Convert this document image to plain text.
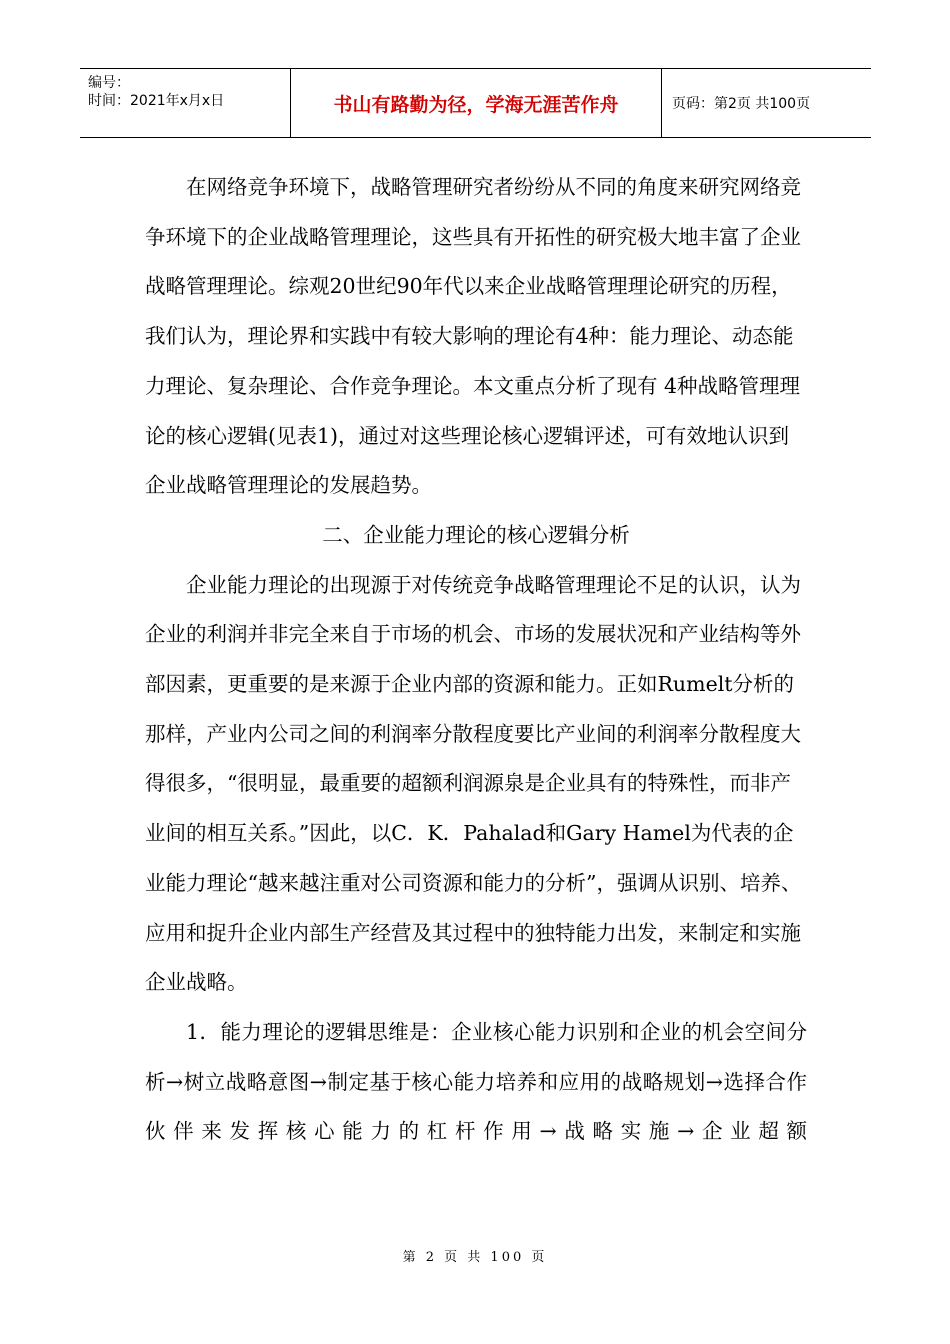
编号：
时间：2021年x月x日	书山有路勤为径，学海无涯苦作舟	页码：第2页 共100页

在网络竞争环境下，战略管理研究者纷纷从不同的角度来研究网络竞争环境下的企业战略管理理论，这些具有开拓性的研究极大地丰富了企业战略管理理论。综观20世纪90年代以来企业战略管理理论研究的历程，我们认为，理论界和实践中有较大影响的理论有4种：能力理论、动态能力理论、复杂理论、合作竞争理论。本文重点分析了现有 4种战略管理理论的核心逻辑(见表1)，通过对这些理论核心逻辑评述，可有效地认识到企业战略管理理论的发展趋势。

二、企业能力理论的核心逻辑分析

企业能力理论的出现源于对传统竞争战略管理理论不足的认识，认为企业的利润并非完全来自于市场的机会、市场的发展状况和产业结构等外部因素，更重要的是来源于企业内部的资源和能力。正如Rumelt分析的那样，产业内公司之间的利润率分散程度要比产业间的利润率分散程度大得很多，“很明显，最重要的超额利润源泉是企业具有的特殊性，而非产业间的相互关系。”因此，以C．K．Pahalad和Gary Hamel为代表的企业能力理论“越来越注重对公司资源和能力的分析”，强调从识别、培养、应用和捉升企业内部生产经营及其过程中的独特能力出发，来制定和实施企业战略。

1．能力理论的逻辑思维是：企业核心能力识别和企业的机会空间分析→树立战略意图→制定基于核心能力培养和应用的战略规划→选择合作伙伴来发挥核心能力的杠杆作用→战略实施→企业超额

第 2 页 共 100 页
